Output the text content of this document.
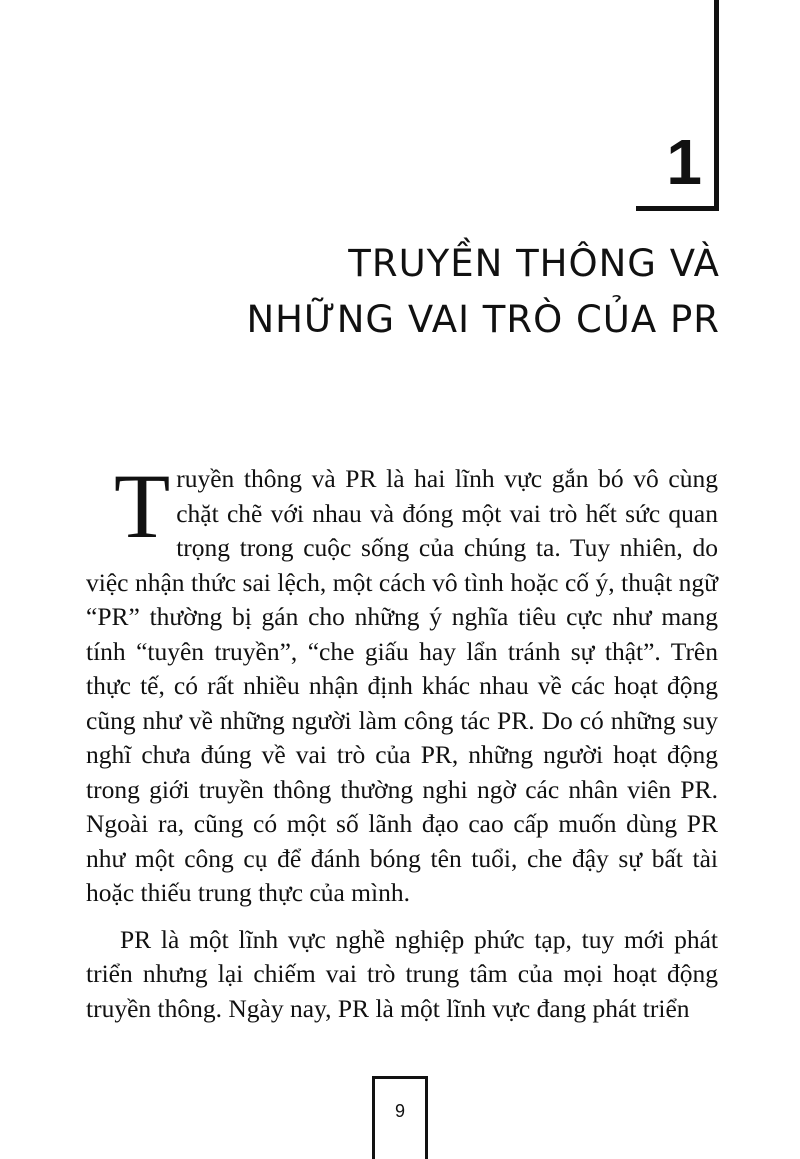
1
TRUYỀN THÔNG VÀ
NHỮNG VAI TRÒ CỦA PR

Truyền thông và PR là hai lĩnh vực gắn bó vô cùng chặt chẽ với nhau và đóng một vai trò hết sức quan trọng trong cuộc sống của chúng ta. Tuy nhiên, do việc nhận thức sai lệch, một cách vô tình hoặc cố ý, thuật ngữ “PR” thường bị gán cho những ý nghĩa tiêu cực như mang tính “tuyên truyền”, “che giấu hay lẩn tránh sự thật”. Trên thực tế, có rất nhiều nhận định khác nhau về các hoạt động cũng như về những người làm công tác PR. Do có những suy nghĩ chưa đúng về vai trò của PR, những người hoạt động trong giới truyền thông thường nghi ngờ các nhân viên PR. Ngoài ra, cũng có một số lãnh đạo cao cấp muốn dùng PR như một công cụ để đánh bóng tên tuổi, che đậy sự bất tài hoặc thiếu trung thực của mình.

PR là một lĩnh vực nghề nghiệp phức tạp, tuy mới phát triển nhưng lại chiếm vai trò trung tâm của mọi hoạt động truyền thông. Ngày nay, PR là một lĩnh vực đang phát triển

9
